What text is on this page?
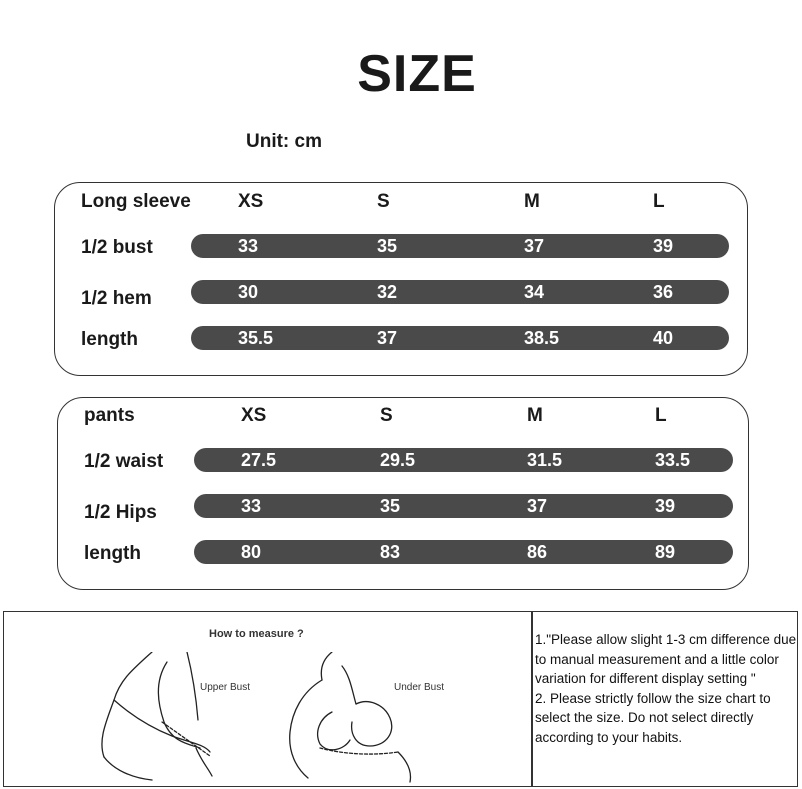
SIZE
Unit: cm
Long sleeve XS	S	M	L
1/2 bust	33	35	37	39
1/2 hem	30	32	34	36
length	35.5	37	38.5	40
pants	XS	S	M	L
1/2 waist	27.5	29.5	31.5	33.5
1/2 Hips	33	35	37	39
length	80	83	86	89
How to measure ?
Upper Bust	Under Bust

1."Please allow slight 1-3 cm difference due to manual measurement and a little color variation for different display setting "

2. Please strictly follow the size chart to select the size. Do not select directly according to your habits.
